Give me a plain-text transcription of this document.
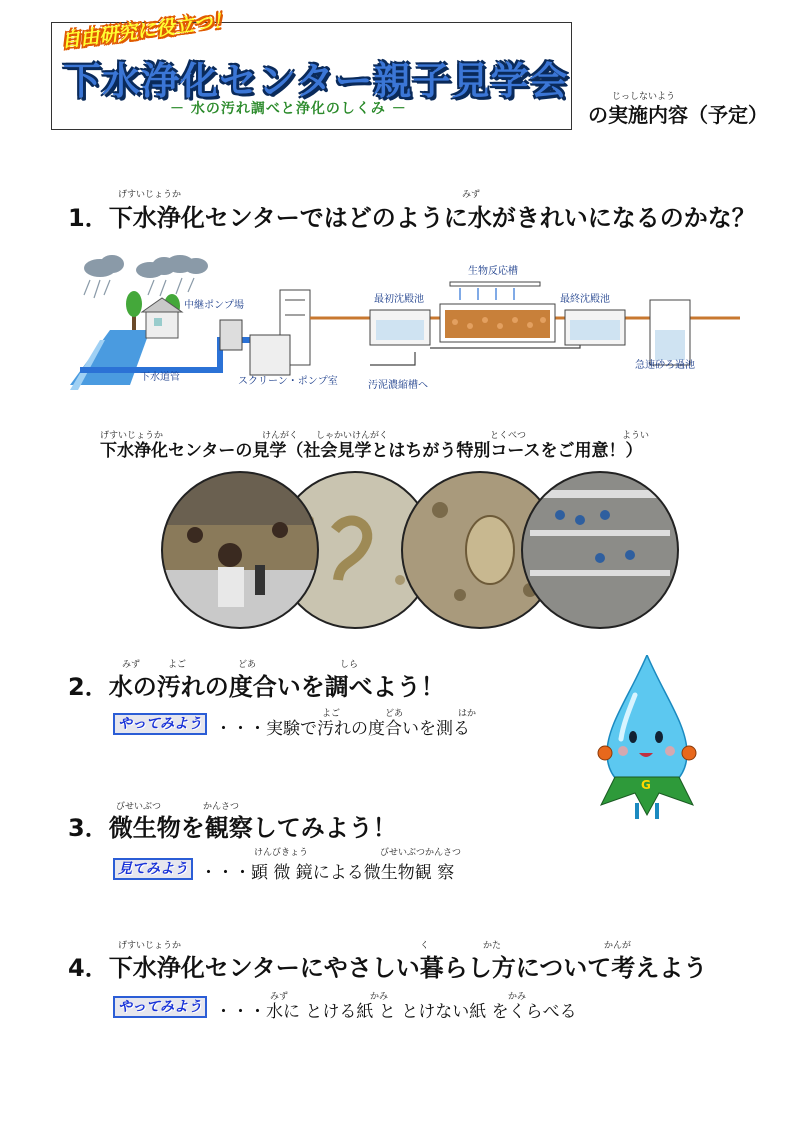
自由研究に役立つ！
下水浄化センター親子見学会
－ 水の汚れ調べと浄化のしくみ －
じっしないよう
の実施内容（予定）
げすいじょうか	みず
1．下水浄化センターではどのように水がきれいになるのかな？
下水道管
中継ポンプ場
スクリーン・ポンプ室
最初沈殿池
生物反応槽
汚泥濃縮槽へ
最終沈殿池
急速砂ろ過池
げすいじょうか	けんがく しゃかいけんがく	とくべつ	ようい
下水浄化センターの見学（社会見学とはちがう特別コースをご用意！）
みず	よご	どあ	しら
2．水の汚れの度合いを調べよう！
やってみよう
よご	どあ	はか
・・・実験で汚れの度合いを測る
G
びせいぶつ	かんさつ
3．微生物を観察してみよう！
見てみよう
けんびきょう	びせいぶつかんさつ
・・・顕 微 鏡による微生物観 察
げすいじょうか	く	かた	かんが
4．下水浄化センターにやさしい暮らし方について考えよう
やってみよう
みず	かみ	かみ
・・・水に とける紙 と とけない紙 をくらべる
